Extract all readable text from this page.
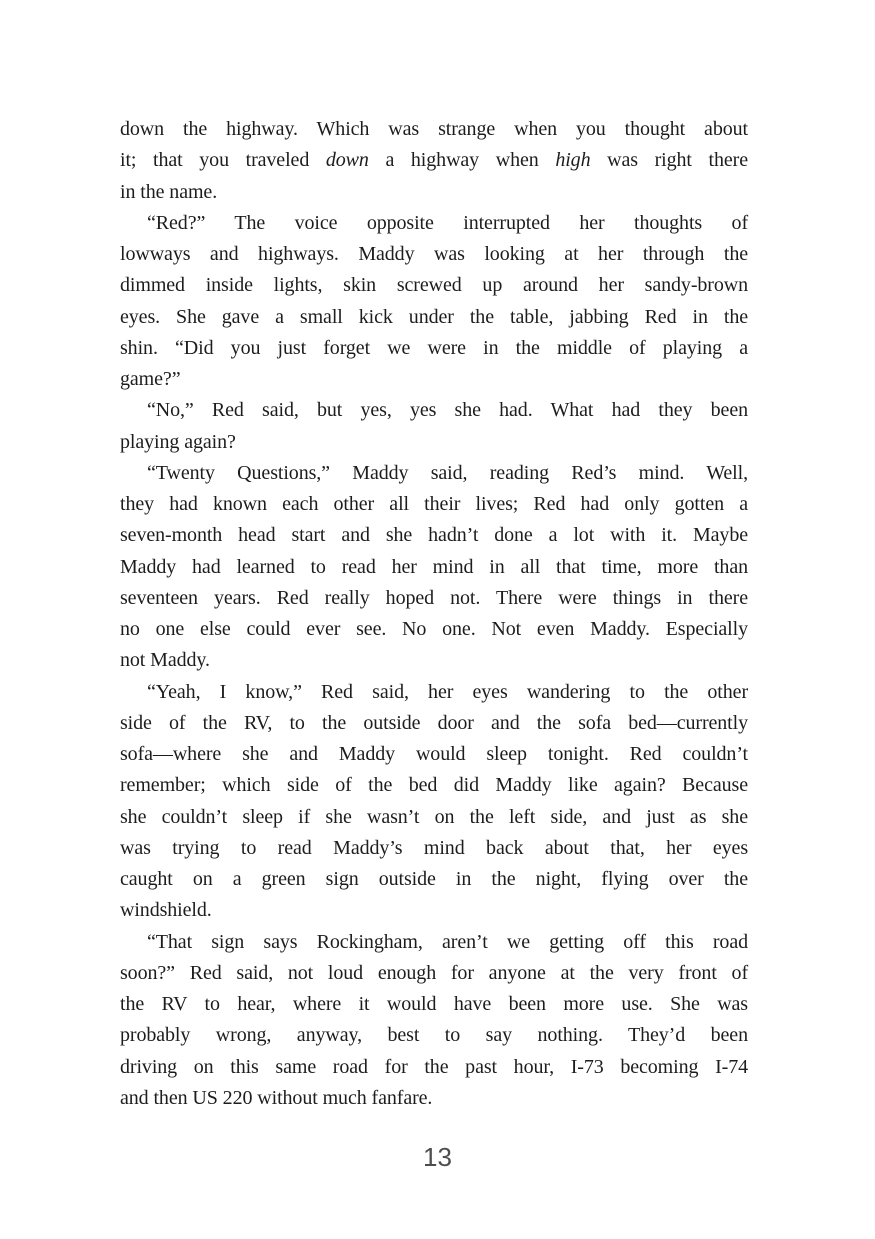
down the highway. Which was strange when you thought about
it; that you traveled down a highway when high was right there
in the name.
“Red?” The voice opposite interrupted her thoughts of
lowways and highways. Maddy was looking at her through the
dimmed inside lights, skin screwed up around her sandy-brown
eyes. She gave a small kick under the table, jabbing Red in the
shin. “Did you just forget we were in the middle of playing a
game?”
“No,” Red said, but yes, yes she had. What had they been
playing again?
“Twenty Questions,” Maddy said, reading Red’s mind. Well,
they had known each other all their lives; Red had only gotten a
seven-month head start and she hadn’t done a lot with it. Maybe
Maddy had learned to read her mind in all that time, more than
seventeen years. Red really hoped not. There were things in there
no one else could ever see. No one. Not even Maddy. Especially
not Maddy.
“Yeah, I know,” Red said, her eyes wandering to the other
side of the RV, to the outside door and the sofa bed—currently
sofa—where she and Maddy would sleep tonight. Red couldn’t
remember; which side of the bed did Maddy like again? Because
she couldn’t sleep if she wasn’t on the left side, and just as she
was trying to read Maddy’s mind back about that, her eyes
caught on a green sign outside in the night, flying over the
windshield.
“That sign says Rockingham, aren’t we getting off this road
soon?” Red said, not loud enough for anyone at the very front of
the RV to hear, where it would have been more use. She was
probably wrong, anyway, best to say nothing. They’d been
driving on this same road for the past hour, I-73 becoming I-74
and then US 220 without much fanfare.
13
